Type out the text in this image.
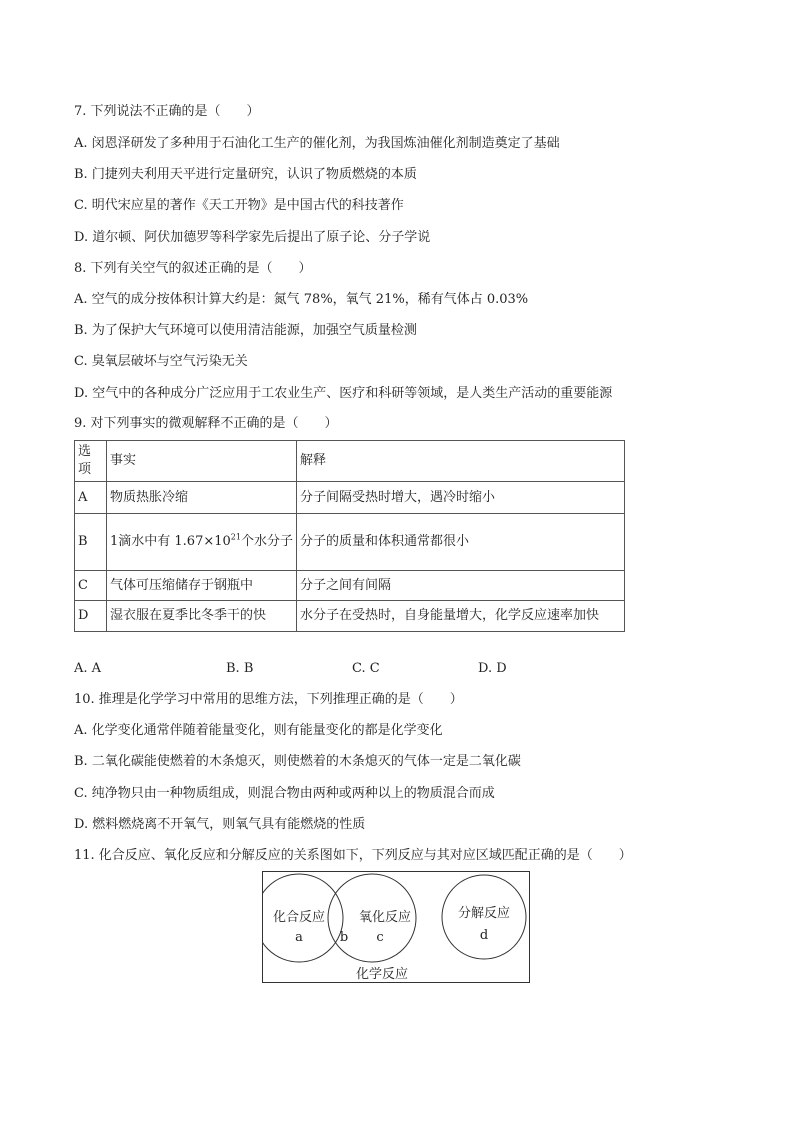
7. 下列说法不正确的是（　　）
A. 闵恩泽研发了多种用于石油化工生产的催化剂，为我国炼油催化剂制造奠定了基础
B. 门捷列夫利用天平进行定量研究，认识了物质燃烧的本质
C. 明代宋应星的著作《天工开物》是中国古代的科技著作
D. 道尔顿、阿伏加德罗等科学家先后提出了原子论、分子学说
8. 下列有关空气的叙述正确的是（　　）
A. 空气的成分按体积计算大约是：氮气 78%，氧气 21%，稀有气体占 0.03%
B. 为了保护大气环境可以使用清洁能源，加强空气质量检测
C. 臭氧层破坏与空气污染无关
D. 空气中的各种成分广泛应用于工农业生产、医疗和科研等领域，是人类生产活动的重要能源
9. 对下列事实的微观解释不正确的是（　　）
选项	事实	解释
A	物质热胀冷缩	分子间隔受热时增大，遇冷时缩小
B	1滴水中有 $1.67\times 10^{21}$个水分子	分子的质量和体积通常都很小
C	气体可压缩储存于钢瓶中	分子之间有间隔
D	湿衣服在夏季比冬季干的快	水分子在受热时，自身能量增大，化学反应速率加快
A. A	B. B	C. C	D. D
10. 推理是化学学习中常用的思维方法，下列推理正确的是（　　）
A. 化学变化通常伴随着能量变化，则有能量变化的都是化学变化
B. 二氧化碳能使燃着的木条熄灭，则使燃着的木条熄灭的气体一定是二氧化碳
C. 纯净物只由一种物质组成，则混合物由两种或两种以上的物质混合而成
D. 燃料燃烧离不开氧气，则氧气具有能燃烧的性质
11. 化合反应、氧化反应和分解反应的关系图如下，下列反应与其对应区域匹配正确的是（　　）
化合反应
a	b
氧化反应
c
分解反应
d
化学反应
